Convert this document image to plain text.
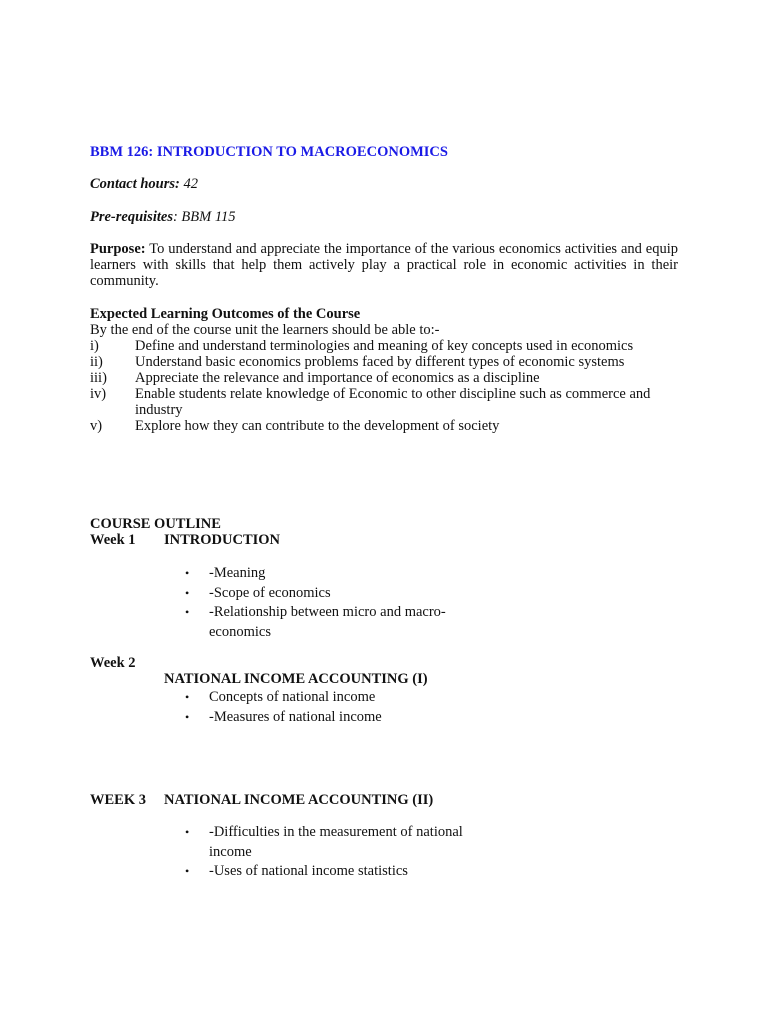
BBM 126: INTRODUCTION TO MACROECONOMICS
Contact hours: 42
Pre-requisites: BBM 115
Purpose: To understand and appreciate the importance of the various economics activities and equip learners with skills that help them actively play a practical role in economic activities in their community.
Expected Learning Outcomes of the Course
By the end of the course unit the learners should be able to:-
i)	Define and understand terminologies and meaning of key concepts used in economics
ii)	Understand basic economics problems faced by different types of economic systems
iii)	Appreciate the relevance and importance of economics as a discipline
iv)	Enable students relate knowledge of Economic to other discipline such as commerce and industry
v)	Explore how they can contribute to the development of society
COURSE OUTLINE
Week 1 INTRODUCTION
• -Meaning
• -Scope of economics
• -Relationship between micro and macro-economics
Week 2
NATIONAL INCOME ACCOUNTING (I)
• Concepts of national income
• -Measures of national income
WEEK 3 NATIONAL INCOME ACCOUNTING (II)
• -Difficulties in the measurement of national income
• -Uses of national income statistics
